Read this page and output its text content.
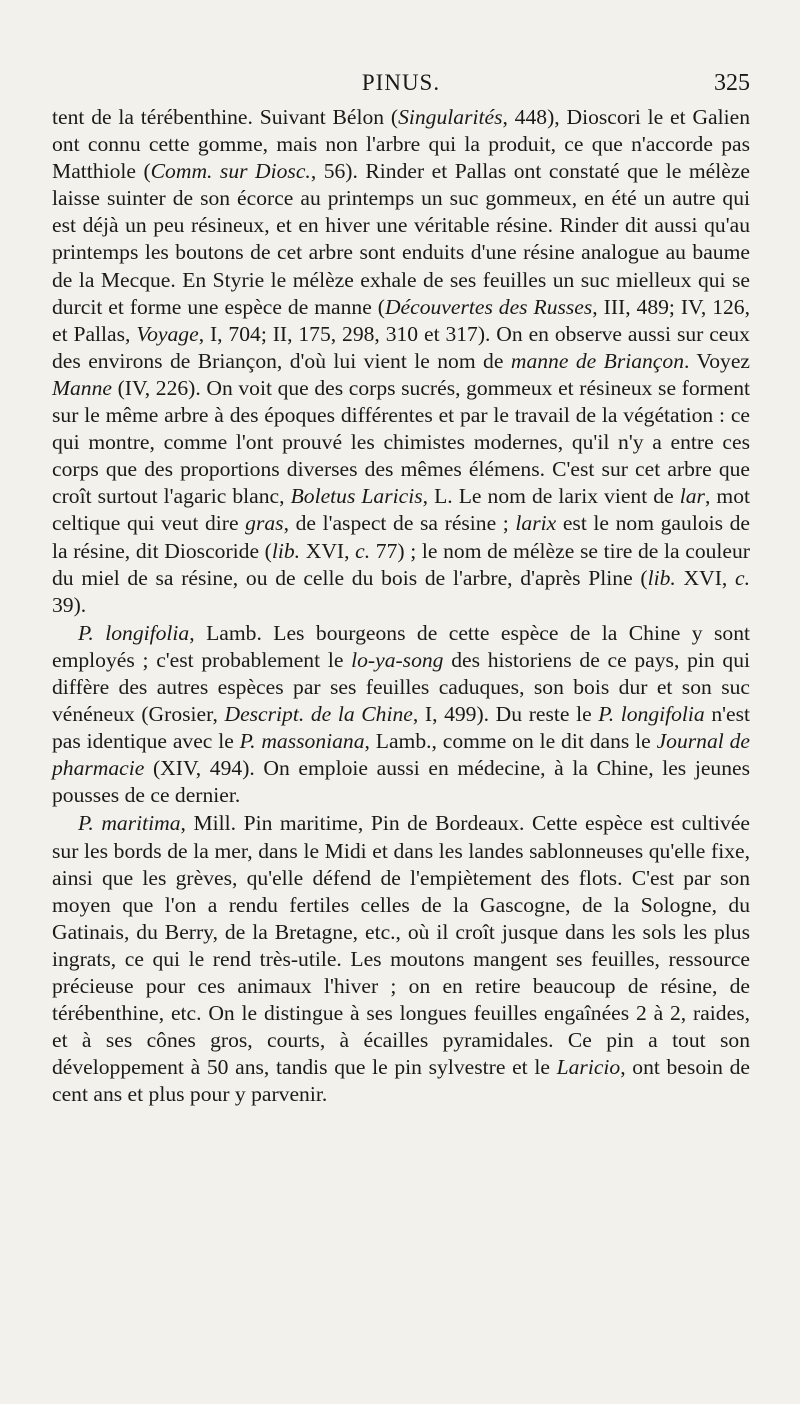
PINUS.	325

tent de la térébenthine. Suivant Bélon (Singularités, 448), Dioscori le et Galien ont connu cette gomme, mais non l'arbre qui la produit, ce que n'accorde pas Matthiole (Comm. sur Diosc., 56). Rinder et Pallas ont constaté que le mélèze laisse suinter de son écorce au printemps un suc gommeux, en été un autre qui est déjà un peu résineux, et en hiver une véritable résine. Rinder dit aussi qu'au printemps les boutons de cet arbre sont enduits d'une résine analogue au baume de la Mecque. En Styrie le mélèze exhale de ses feuilles un suc mielleux qui se durcit et forme une espèce de manne (Découvertes des Russes, III, 489; IV, 126, et Pallas, Voyage, I, 704; II, 175, 298, 310 et 317). On en observe aussi sur ceux des environs de Briançon, d'où lui vient le nom de manne de Briançon. Voyez Manne (IV, 226). On voit que des corps sucrés, gommeux et résineux se forment sur le même arbre à des époques différentes et par le travail de la végétation : ce qui montre, comme l'ont prouvé les chimistes modernes, qu'il n'y a entre ces corps que des proportions diverses des mêmes élémens. C'est sur cet arbre que croît surtout l'agaric blanc, Boletus Laricis, L. Le nom de larix vient de lar, mot celtique qui veut dire gras, de l'aspect de sa résine ; larix est le nom gaulois de la résine, dit Dioscoride (lib. XVI, c. 77) ; le nom de mélèze se tire de la couleur du miel de sa résine, ou de celle du bois de l'arbre, d'après Pline (lib. XVI, c. 39).

P. longifolia, Lamb. Les bourgeons de cette espèce de la Chine y sont employés ; c'est probablement le lo-ya-song des historiens de ce pays, pin qui diffère des autres espèces par ses feuilles caduques, son bois dur et son suc vénéneux (Grosier, Descript. de la Chine, I, 499). Du reste le P. longifolia n'est pas identique avec le P. massoniana, Lamb., comme on le dit dans le Journal de pharmacie (XIV, 494). On emploie aussi en médecine, à la Chine, les jeunes pousses de ce dernier.

P. maritima, Mill. Pin maritime, Pin de Bordeaux. Cette espèce est cultivée sur les bords de la mer, dans le Midi et dans les landes sablonneuses qu'elle fixe, ainsi que les grèves, qu'elle défend de l'empiètement des flots. C'est par son moyen que l'on a rendu fertiles celles de la Gascogne, de la Sologne, du Gatinais, du Berry, de la Bretagne, etc., où il croît jusque dans les sols les plus ingrats, ce qui le rend très-utile. Les moutons mangent ses feuilles, ressource précieuse pour ces animaux l'hiver ; on en retire beaucoup de résine, de térébenthine, etc. On le distingue à ses longues feuilles engaînées 2 à 2, raides, et à ses cônes gros, courts, à écailles pyramidales. Ce pin a tout son développement à 50 ans, tandis que le pin sylvestre et le Laricio, ont besoin de cent ans et plus pour y parvenir.
